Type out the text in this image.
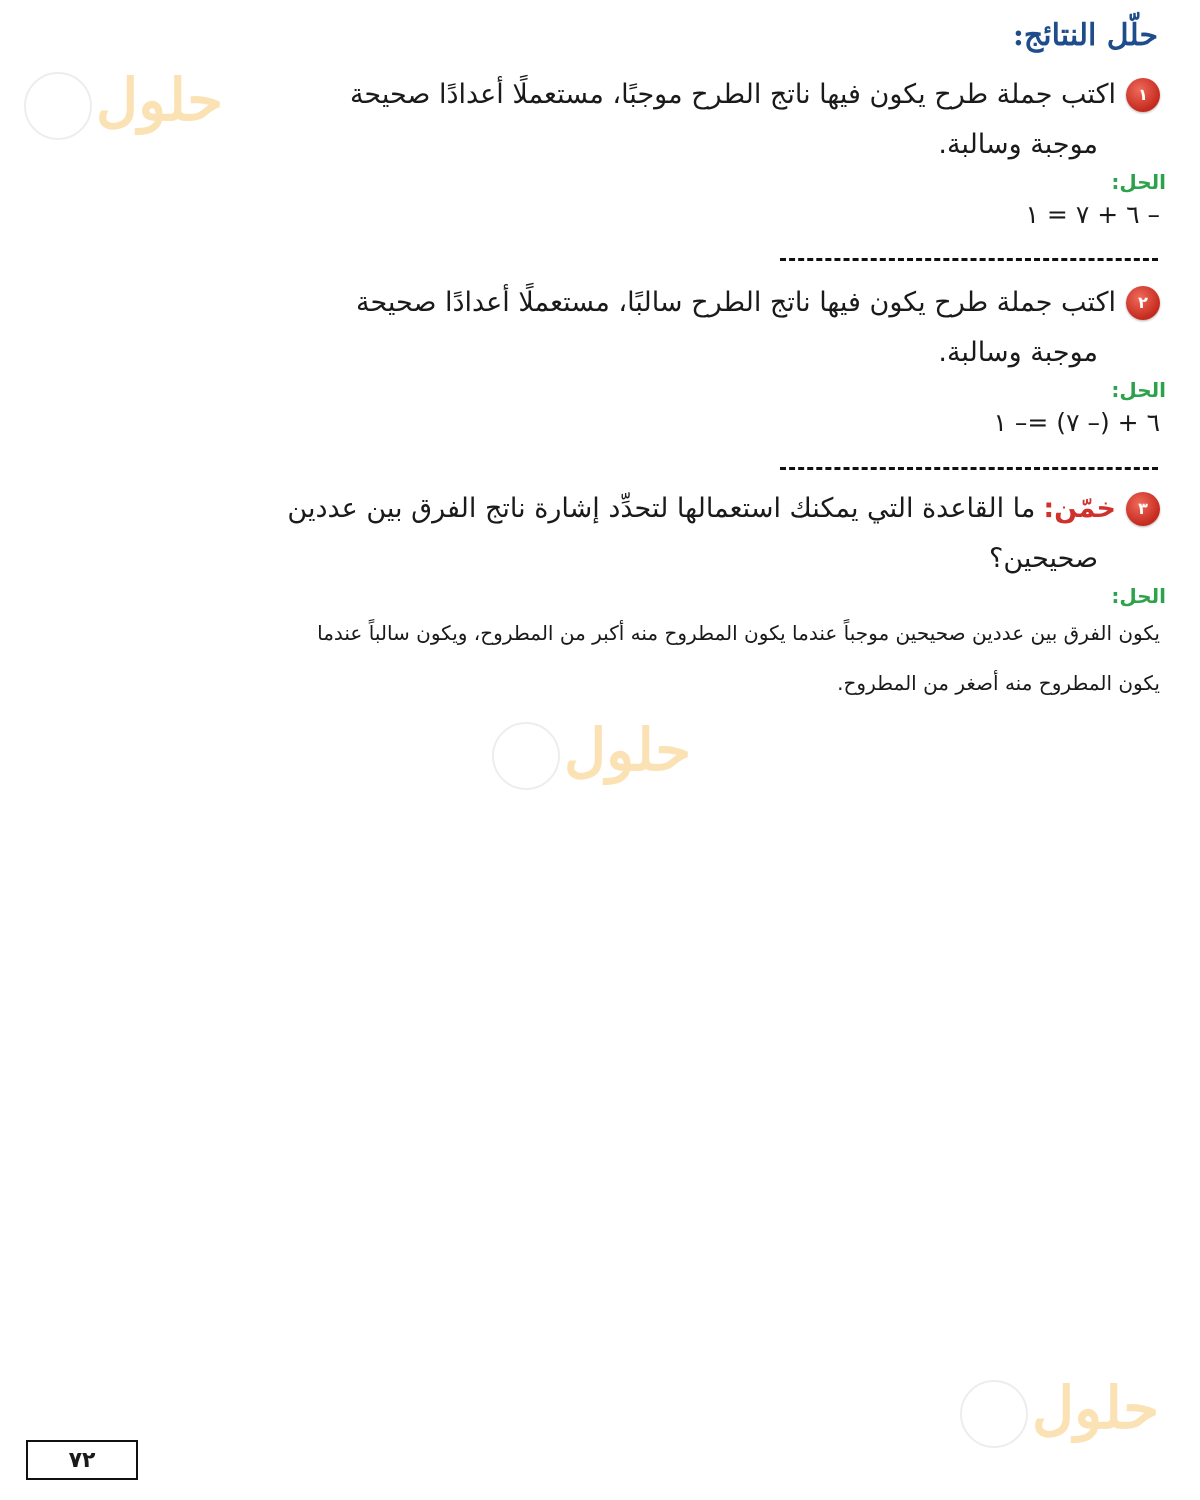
حلّل النتائج:
١
اكتب جملة طرح يكون فيها ناتج الطرح موجبًا، مستعملًا أعدادًا صحيحة
موجبة وسالبة.
الحل:
– ٦ + ٧ = ١
٢
اكتب جملة طرح يكون فيها ناتج الطرح سالبًا، مستعملًا أعدادًا صحيحة
موجبة وسالبة.
الحل:
٦ + (– ٧) =– ١
٣
خمّن:
ما القاعدة التي يمكنك استعمالها لتحدِّد إشارة ناتج الفرق بين عددين
صحيحين؟
الحل:
يكون الفرق بين عددين صحيحين موجباً عندما يكون المطروح منه أكبر من المطروح، ويكون سالباً عندما
يكون المطروح منه أصغر من المطروح.
حلول
حلول
حلول
٧٢
